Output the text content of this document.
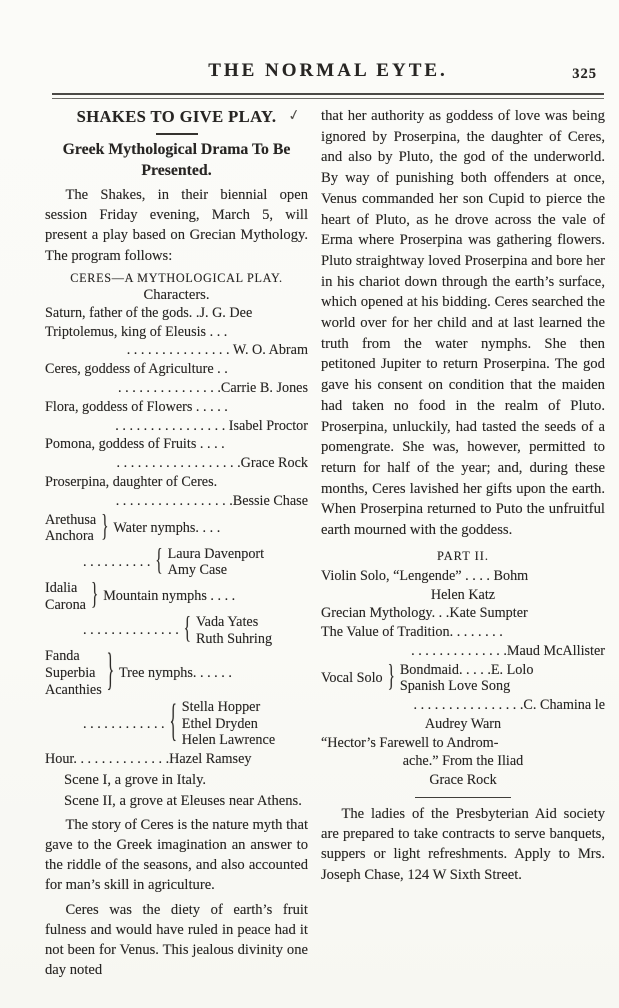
THE NORMAL EYTE.	325
✓
SHAKES TO GIVE PLAY.
Greek Mythological Drama To Be
Presented.

The Shakes, in their biennial open session Friday evening, March 5, will present a play based on Grecian Mythology. The program follows:

CERES—A MYTHOLOGICAL PLAY.
Characters.
Saturn, father of the gods. .J. G. Dee
Triptolemus, king of Eleusis . . .
. . . . . . . . . . . . . . . W. O. Abram
Ceres, goddess of Agriculture . .
. . . . . . . . . . . . . . .Carrie B. Jones
Flora, goddess of Flowers . . . . .
. . . . . . . . . . . . . . . . Isabel Proctor
Pomona, goddess of Fruits . . . .
. . . . . . . . . . . . . . . . . .Grace Rock
Proserpina, daughter of Ceres.
. . . . . . . . . . . . . . . . .Bessie Chase
Arethusa
Anchora } Water nymphs. . . .
. . . . . . . . . . { Laura Davenport
Amy Case
Idalia
Carona } Mountain nymphs . . . .
. . . . . . . . . . . . . . { Vada Yates
Ruth Suhring
Fanda
Superbia
Acanthies } Tree nymphs. . . . . .
. . . . . . . . . . . . { Stella Hopper
Ethel Dryden
Helen Lawrence
Hour. . . . . . . . . . . . . .Hazel Ramsey
Scene I, a grove in Italy.
Scene II, a grove at Eleuses near Athens.

The story of Ceres is the nature myth that gave to the Greek imagination an answer to the riddle of the seasons, and also accounted for man’s skill in agriculture.

Ceres was the diety of earth’s fruit fulness and would have ruled in peace had it not been for Venus. This jealous divinity one day noted

that her authority as goddess of love was being ignored by Proserpina, the daughter of Ceres, and also by Pluto, the god of the underworld. By way of punishing both offenders at once, Venus commanded her son Cupid to pierce the heart of Pluto, as he drove across the vale of Erma where Proserpina was gathering flowers. Pluto straightway loved Proserpina and bore her in his chariot down through the earth’s surface, which opened at his bidding. Ceres searched the world over for her child and at last learned the truth from the water nymphs. She then petitoned Jupiter to return Proserpina. The god gave his consent on condition that the maiden had taken no food in the realm of Pluto. Proserpina, unluckily, had tasted the seeds of a pomengrate. She was, however, permitted to return for half of the year; and, during these months, Ceres lavished her gifts upon the earth. When Proserpina returned to Puto the unfruitful earth mourned with the goddess.

PART II.
Violin Solo, “Lengende” . . . . Bohm
Helen Katz
Grecian Mythology. . .Kate Sumpter
The Value of Tradition. . . . . . . .
. . . . . . . . . . . . . .Maud McAllister
Vocal Solo } Bondmaid. . . . .E. Lolo
Spanish Love Song
. . . . . . . . . . . . . . . .C. Chamina le
Audrey Warn
“Hector’s Farewell to Androm-
ache.” From the Iliad
Grace Rock

The ladies of the Presbyterian Aid society are prepared to take contracts to serve banquets, suppers or light refreshments. Apply to Mrs. Joseph Chase, 124 W Sixth Street.
